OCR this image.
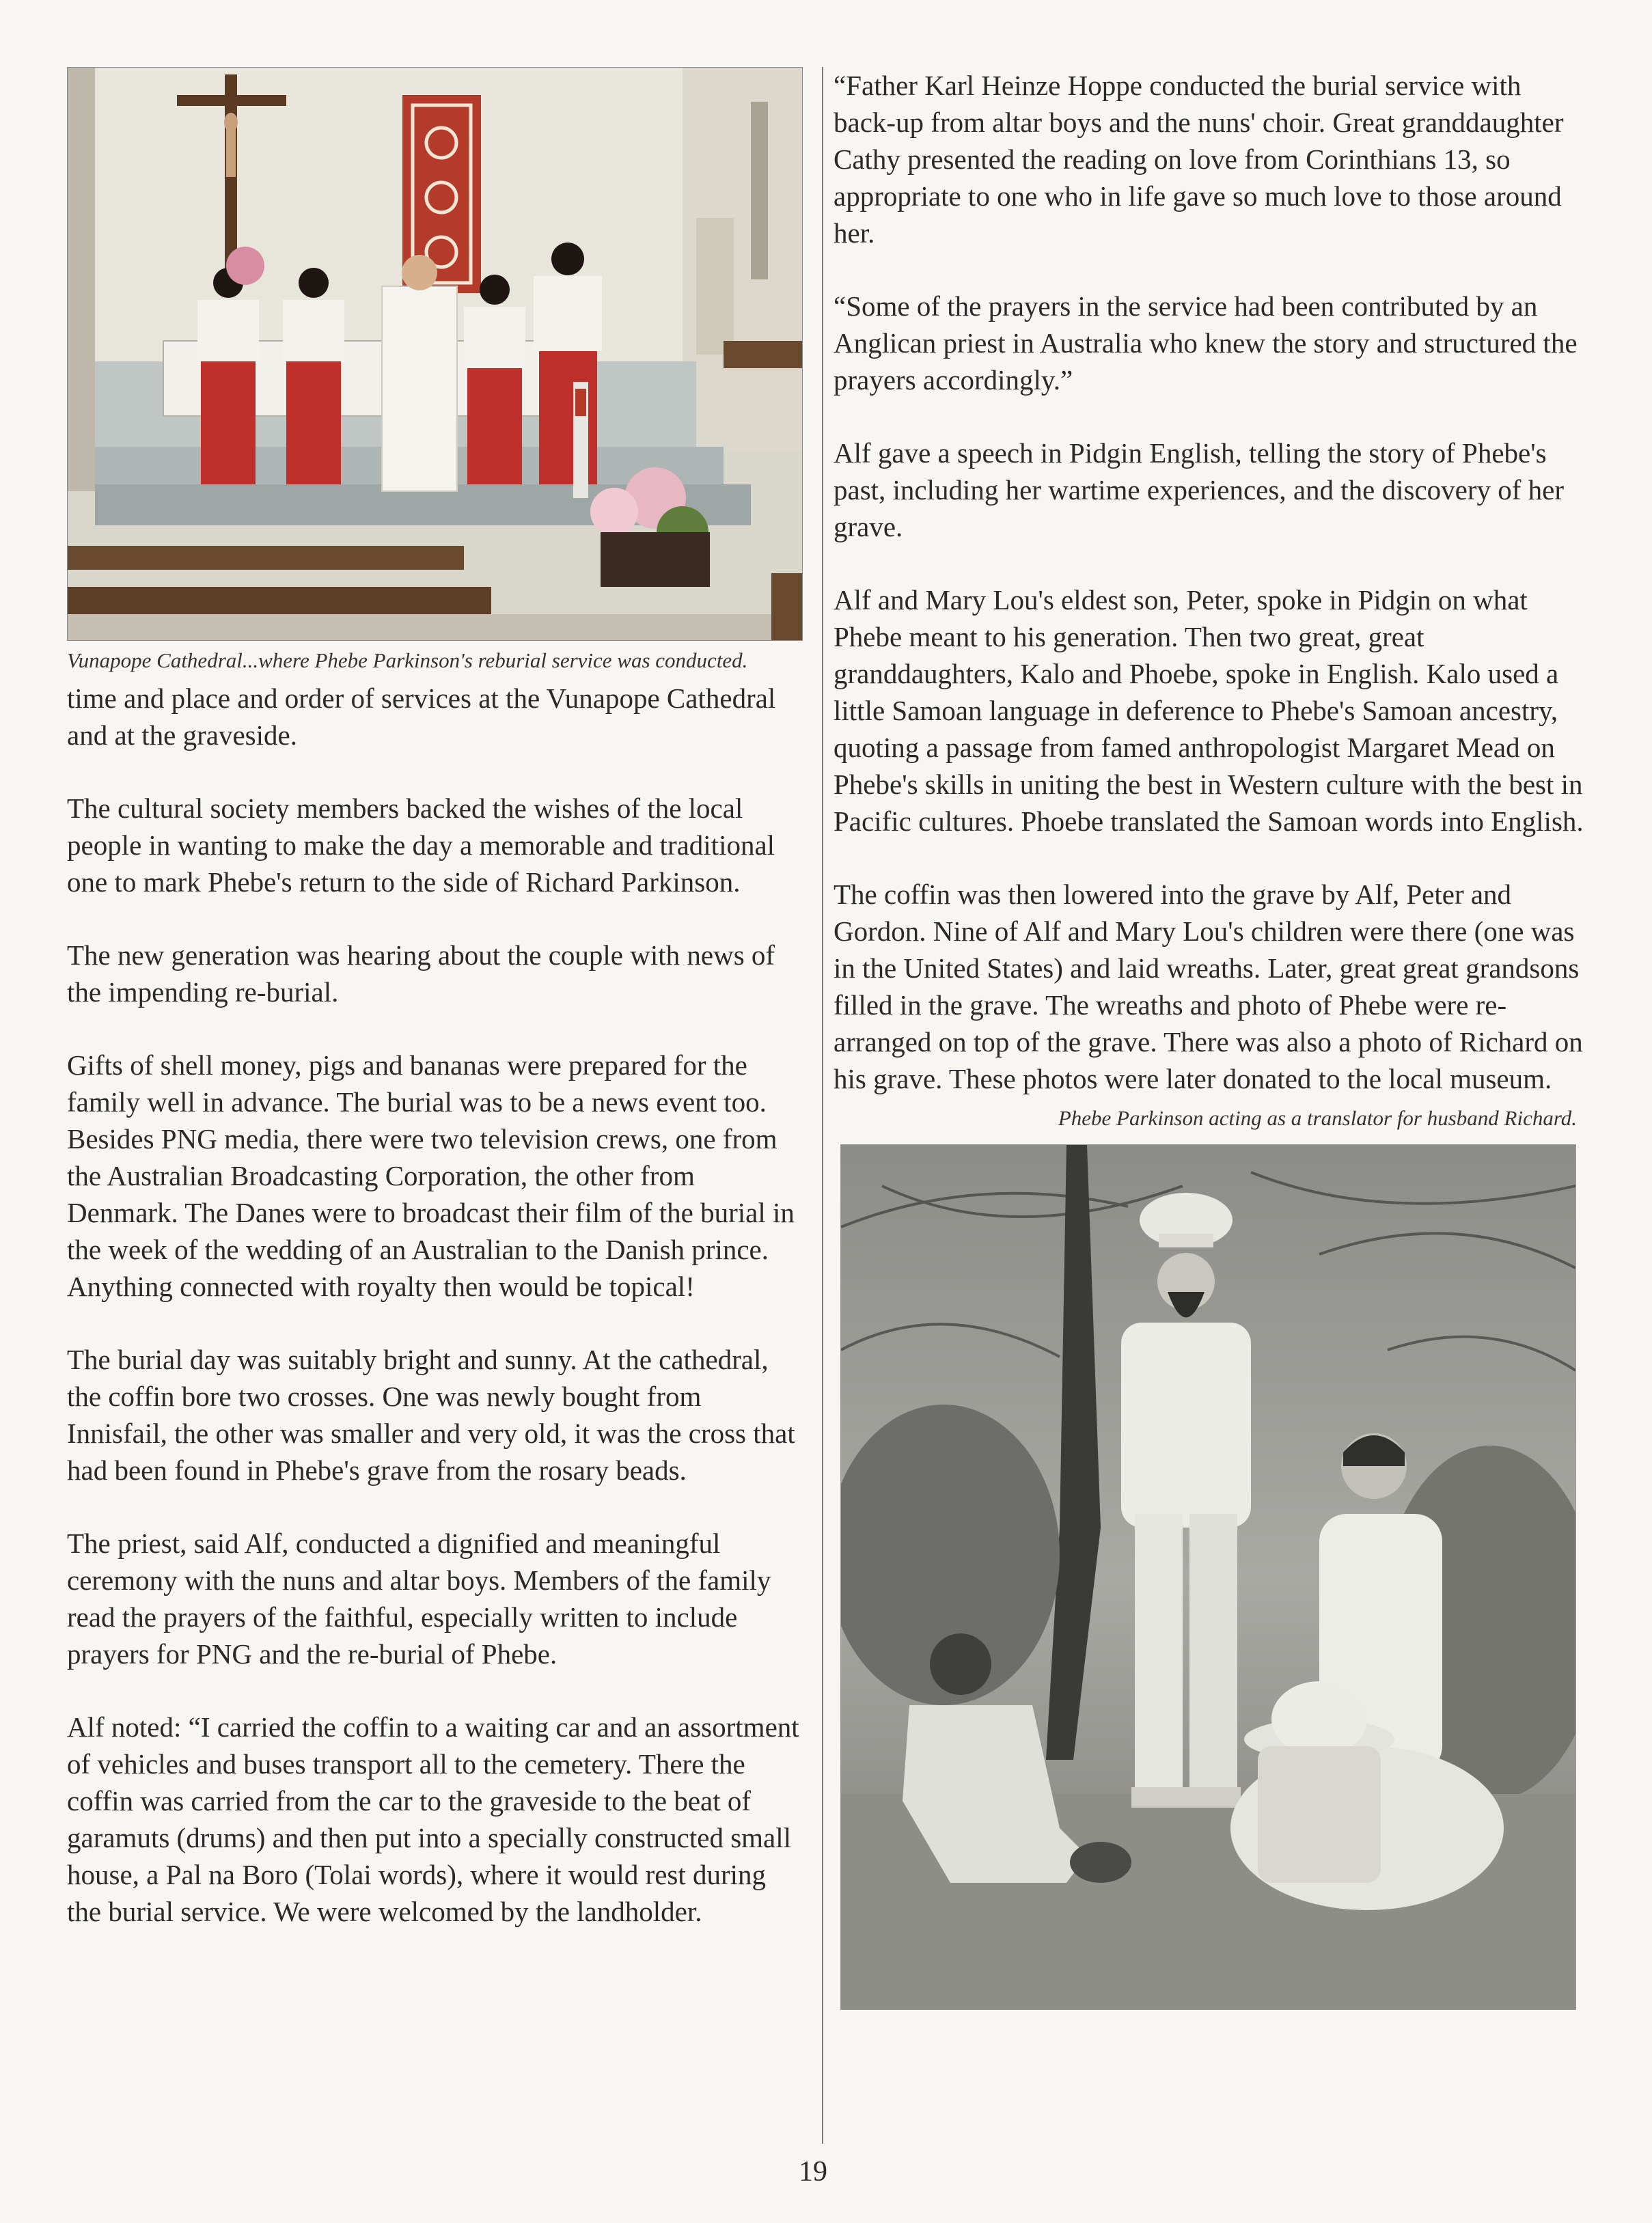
Vunapope Cathedral...where Phebe Parkinson's reburial service was conducted.

time and place and order of services at the Vunapope Cathedral and at the graveside.

The cultural society members backed the wishes of the local people in wanting to make the day a memorable and traditional one to mark Phebe's return to the side of Richard Parkinson.

The new generation was hearing about the couple with news of the impending re-burial.

Gifts of shell money, pigs and bananas were prepared for the family well in advance. The burial was to be a news event too. Besides PNG media, there were two television crews, one from the Australian Broadcasting Corporation, the other from Denmark. The Danes were to broadcast their film of the burial in the week of the wedding of an Australian to the Danish prince. Anything connected with royalty then would be topical!

The burial day was suitably bright and sunny. At the cathedral, the coffin bore two crosses. One was newly bought from Innisfail, the other was smaller and very old, it was the cross that had been found in Phebe's grave from the rosary beads.

The priest, said Alf, conducted a dignified and meaningful ceremony with the nuns and altar boys. Members of the family read the prayers of the faithful, especially written to include prayers for PNG and the re-burial of Phebe.

Alf noted: “I carried the coffin to a waiting car and an assortment of vehicles and buses transport all to the cemetery. There the coffin was carried from the car to the graveside to the beat of garamuts (drums) and then put into a specially constructed small house, a Pal na Boro (Tolai words), where it would rest during the burial service. We were welcomed by the landholder.

“Father Karl Heinze Hoppe conducted the burial service with back-up from altar boys and the nuns' choir. Great granddaughter Cathy presented the reading on love from Corinthians 13, so appropriate to one who in life gave so much love to those around her.

“Some of the prayers in the service had been contributed by an Anglican priest in Australia who knew the story and structured the prayers accordingly.”

Alf gave a speech in Pidgin English, telling the story of Phebe's past, including her wartime experiences, and the discovery of her grave.

Alf and Mary Lou's eldest son, Peter, spoke in Pidgin on what Phebe meant to his generation. Then two great, great granddaughters, Kalo and Phoebe, spoke in English. Kalo used a little Samoan language in deference to Phebe's Samoan ancestry, quoting a passage from famed anthropologist Margaret Mead on Phebe's skills in uniting the best in Western culture with the best in Pacific cultures. Phoebe translated the Samoan words into English.

The coffin was then lowered into the grave by Alf, Peter and Gordon. Nine of Alf and Mary Lou's children were there (one was in the United States) and laid wreaths. Later, great great grandsons filled in the grave. The wreaths and photo of Phebe were re-arranged on top of the grave. There was also a photo of Richard on his grave. These photos were later donated to the local museum.

Phebe Parkinson acting as a translator for husband Richard.
19
